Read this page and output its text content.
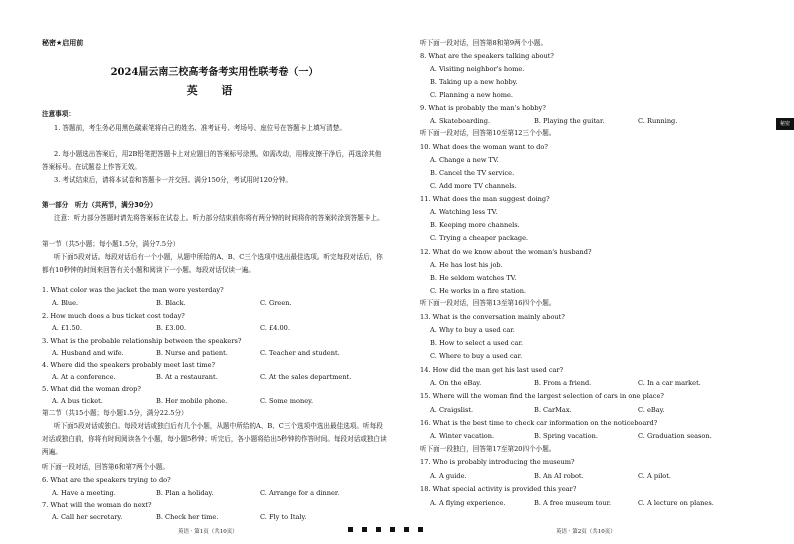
秘密★启用前
2024届云南三校高考备考实用性联考卷（一）
英 语
注意事项：
1. 答题前，考生务必用黑色碳素笔将自己的姓名、准考证号、考场号、座位号在答题卡上填写清楚。
2. 每小题选出答案后，用2B铅笔把答题卡上对应题目的答案标号涂黑。如需改动，用橡皮擦干净后，再选涂其他答案标号。在试题卷上作答无效。
3. 考试结束后，请将本试卷和答题卡一并交回。满分150分，考试用时120分钟。
第一部分　听力（共两节，满分30分）
注意：听力部分答题时请先将答案标在试卷上。听力部分结束前你将有两分钟的时间将你的答案转涂到答题卡上。
第一节（共5小题；每小题1.5分，满分7.5分）
听下面5段对话。每段对话后有一个小题，从题中所给的A、B、C三个选项中选出最佳选项。听完每段对话后，你都有10秒钟的时间来回答有关小题和阅读下一小题。每段对话仅读一遍。
1. What color was the jacket the man wore yesterday?
A. Blue.	B. Black.	C. Green.
2. How much does a bus ticket cost today?
A. £1.50.	B. £3.00.	C. £4.00.
3. What is the probable relationship between the speakers?
A. Husband and wife.	B. Nurse and patient.	C. Teacher and student.
4. Where did the speakers probably meet last time?
A. At a conference.	B. At a restaurant.	C. At the sales department.
5. What did the woman drop?
A. A bus ticket.	B. Her mobile phone.	C. Some money.
第二节（共15小题；每小题1.5分，满分22.5分）
听下面5段对话或独白。每段对话或独白后有几个小题，从题中所给的A、B、C三个选项中选出最佳选项。听每段对话或独白前，你将有时间阅读各个小题，每小题5秒钟；听完后，各小题将给出5秒钟的作答时间。每段对话或独白读两遍。
听下面一段对话，回答第6和第7两个小题。
6. What are the speakers trying to do?
A. Have a meeting.	B. Plan a holiday.	C. Arrange for a dinner.
7. What will the woman do next?
A. Call her secretary.	B. Check her time.	C. Fly to Italy.
听下面一段对话，回答第8和第9两个小题。
8. What are the speakers talking about?
A. Visiting neighbor's home.
B. Taking up a new hobby.
C. Planning a new home.
9. What is probably the man's hobby?
A. Skateboarding.	B. Playing the guitar.	C. Running.
听下面一段对话，回答第10至第12三个小题。
10. What does the woman want to do?
A. Change a new TV.
B. Cancel the TV service.
C. Add more TV channels.
11. What does the man suggest doing?
A. Watching less TV.
B. Keeping more channels.
C. Trying a cheaper package.
12. What do we know about the woman's husband?
A. He has lost his job.
B. He seldom watches TV.
C. He works in a fire station.
听下面一段对话，回答第13至第16四个小题。
13. What is the conversation mainly about?
A. Why to buy a used car.
B. How to select a used car.
C. Where to buy a used car.
14. How did the man get his last used car?
A. On the eBay.	B. From a friend.	C. In a car market.
15. Where will the woman find the largest selection of cars in one place?
A. Craigslist.	B. CarMax.	C. eBay.
16. What is the best time to check car information on the noticeboard?
A. Winter vacation.	B. Spring vacation.	C. Graduation season.
听下面一段独白，回答第17至第20四个小题。
17. Who is probably introducing the museum?
A. A guide.	B. An AI robot.	C. A pilot.
18. What special activity is provided this year?
A. A flying experience.	B. A free museum tour.	C. A lecture on planes.
英语 · 第1页（共10页）	英语 · 第2页（共10页）
秘密
